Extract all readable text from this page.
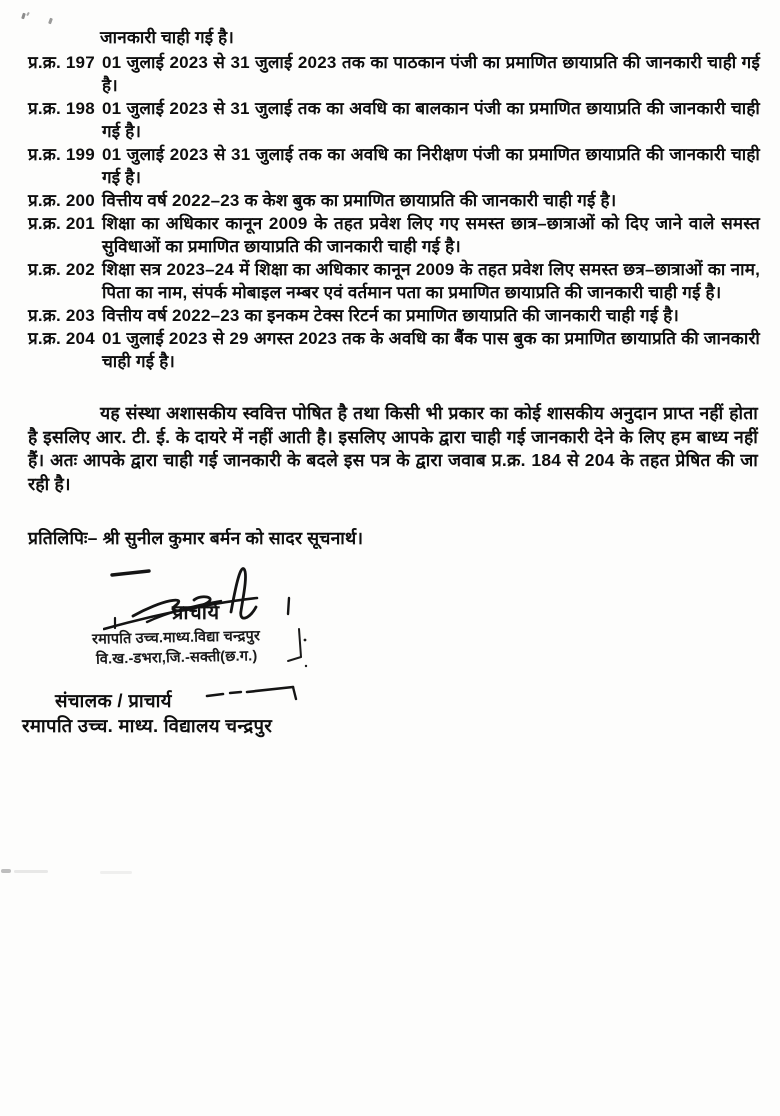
जानकारी चाही गई है।
प्र.क्र. 197 01 जुलाई 2023 से 31 जुलाई 2023 तक का पाठकान पंजी का प्रमाणित छायाप्रति की जानकारी चाही गई है।
प्र.क्र. 198 01 जुलाई 2023 से 31 जुलाई तक का अवधि का बालकान पंजी का प्रमाणित छायाप्रति की जानकारी चाही गई है।
प्र.क्र. 199 01 जुलाई 2023 से 31 जुलाई तक का अवधि का निरीक्षण पंजी का प्रमाणित छायाप्रति की जानकारी चाही गई है।
प्र.क्र. 200 वित्तीय वर्ष 2022–23 क केश बुक का प्रमाणित छायाप्रति की जानकारी चाही गई है।
प्र.क्र. 201 शिक्षा का अधिकार कानून 2009 के तहत प्रवेश लिए गए समस्त छात्र–छात्राओं को दिए जाने वाले समस्त सुविधाओं का प्रमाणित छायाप्रति की जानकारी चाही गई है।
प्र.क्र. 202 शिक्षा सत्र 2023–24 में शिक्षा का अधिकार कानून 2009 के तहत प्रवेश लिए समस्त छत्र–छात्राओं का नाम, पिता का नाम, संपर्क मोबाइल नम्बर एवं वर्तमान पता का प्रमाणित छायाप्रति की जानकारी चाही गई है।
प्र.क्र. 203 वित्तीय वर्ष 2022–23 का इनकम टेक्स रिटर्न का प्रमाणित छायाप्रति की जानकारी चाही गई है।
प्र.क्र. 204 01 जुलाई 2023 से 29 अगस्त 2023 तक के अवधि का बैंक पास बुक का प्रमाणित छायाप्रति की जानकारी चाही गई है।
यह संस्था अशासकीय स्ववित्त पोषित है तथा किसी भी प्रकार का कोई शासकीय अनुदान प्राप्त नहीं होता है इसलिए आर. टी. ई. के दायरे में नहीं आती है। इसलिए आपके द्वारा चाही गई जानकारी देने के लिए हम बाध्य नहीं हैं। अतः आपके द्वारा चाही गई जानकारी के बदले इस पत्र के द्वारा जवाब प्र.क्र. 184 से 204 के तहत प्रेषित की जा रही है।
प्रतिलिपिः– श्री सुनील कुमार बर्मन को सादर सूचनार्थ।
प्राचार्य
रमापति उच्च.माध्य.विद्या चन्द्रपुर
वि.ख.-डभरा,जि.-सक्ती(छ.ग.)
संचालक / प्राचार्य
रमापति उच्च. माध्य. विद्यालय चन्द्रपुर
